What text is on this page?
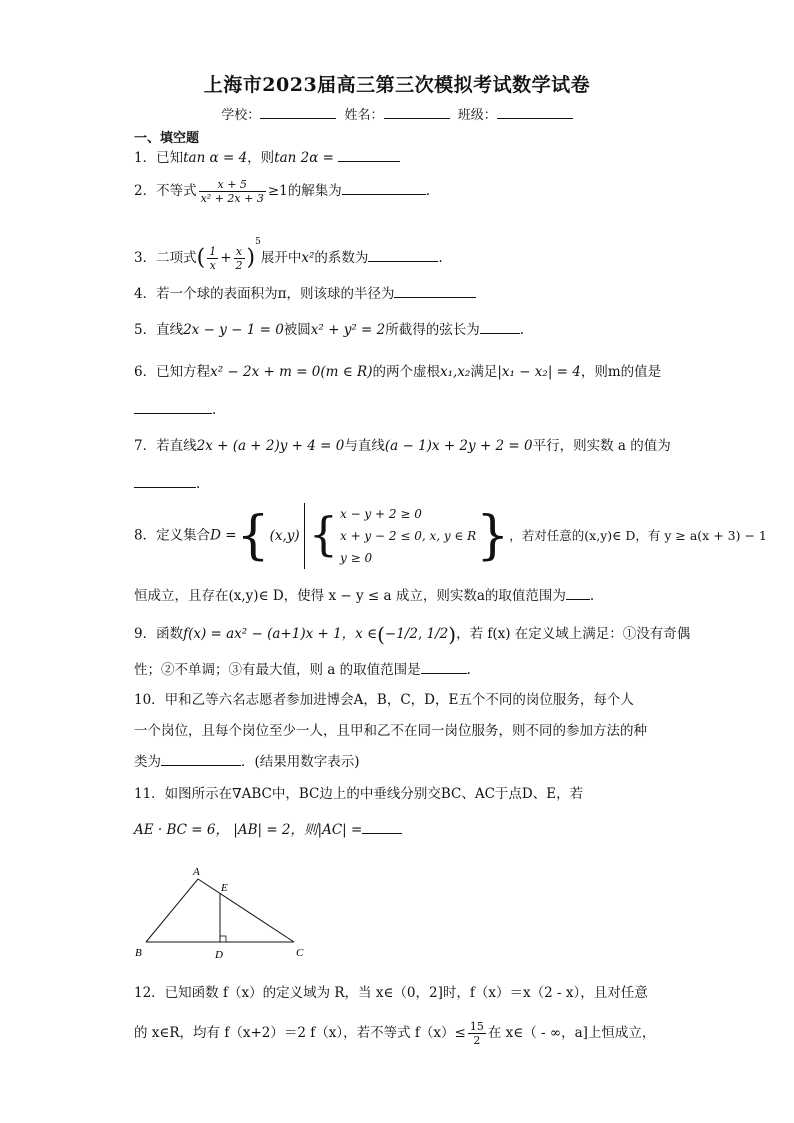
上海市2023届高三第三次模拟考试数学试卷
学校：	姓名：	班级：
一、填空题
1．已知tan α = 4，则tan 2α =
2．不等式 $\frac{x + 5}{\text{x² + 2x + 3}} \ge 1$的解集为	.
3．二项式( $\frac{1}{x} + \frac{x}{2} )^5$展开中x²的系数为	.
4．若一个球的表面积为π，则该球的半径为
5．直线2x − y − 1 = 0被圆x² + y² = 2所截得的弦长为	.
6．已知方程x² − 2x + m = 0(m ∈ R)的两个虚根x₁,x₂满足|x₁ − x₂| = 4，则m的值是
.
7．若直线2x + (a + 2)y + 4 = 0与直线(a − 1)x + 2y + 2 = 0平行，则实数 a 的值为
.
8．定义集合D ={(x,y) { x − y + 2 ≥ 0
x + y − 2 ≤ 0, x, y ∈ R
y ≥ 0	}，若对任意的(x,y)∈ D，有 y ≥ a(x + 3) − 1
恒成立，且存在(x,y)∈ D，使得 x − y ≤ a 成立，则实数a的取值范围为 .
9．函数f(x) = ax² − (a+1)x + 1，x ∈(−1/2, 1/2)，若 f(x) 在定义域上满足：①没有奇偶
性；②不单调；③有最大值，则 a 的取值范围是	.
10．甲和乙等六名志愿者参加进博会A，B，C，D，E五个不同的岗位服务，每个人
一个岗位，且每个岗位至少一人，且甲和乙不在同一岗位服务，则不同的参加方法的种
类为	．(结果用数字表示)
11．如图所示在∇ABC中，BC边上的中垂线分别交BC、AC于点D、E，若
AE · BC = 6， |AB| = 2，则|AC| =
A
B	C
D
E
12．已知函数 f（x）的定义域为 R，当 x∈（0，2]时，f（x）＝x（2 - x），且对任意
的 x∈R，均有 f（x+2）＝2 f（x），若不等式 $f(x)\le \frac{15}{2}$ 在 x∈（ - ∞，a]上恒成立，
